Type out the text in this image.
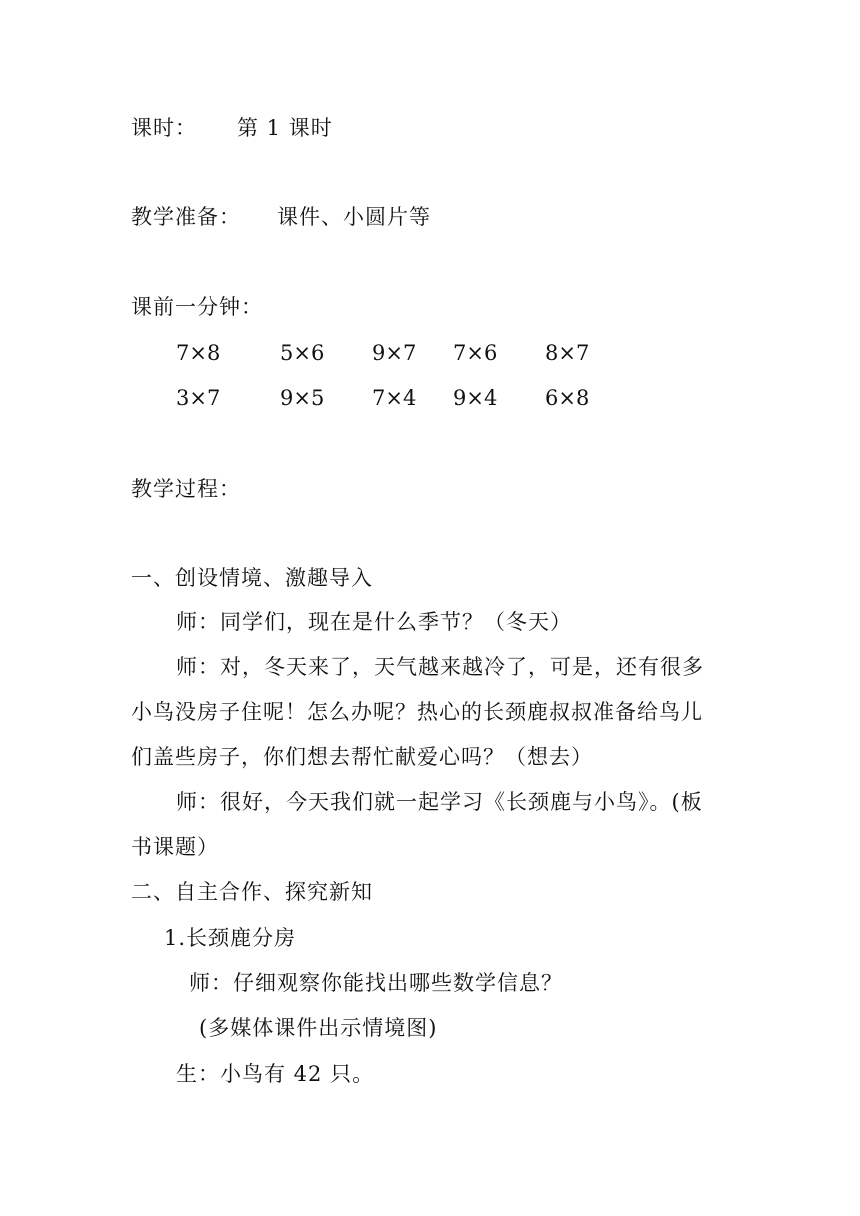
课时： 第 1 课时
教学准备： 课件、小圆片等
课前一分钟：
7×8	5×6 9×7 7×6 8×7
3×7	9×5 7×4 9×4 6×8
教学过程：
一、创设情境、激趣导入
师：同学们，现在是什么季节？（冬天）
师：对，冬天来了，天气越来越冷了，可是，还有很多
小鸟没房子住呢！怎么办呢？热心的长颈鹿叔叔准备给鸟儿
们盖些房子，你们想去帮忙献爱心吗？（想去）
师：很好，今天我们就一起学习《长颈鹿与小鸟》。(板
书课题）
二、自主合作、探究新知
1.长颈鹿分房
师：仔细观察你能找出哪些数学信息？
(多媒体课件出示情境图)
生：小鸟有 42 只。
